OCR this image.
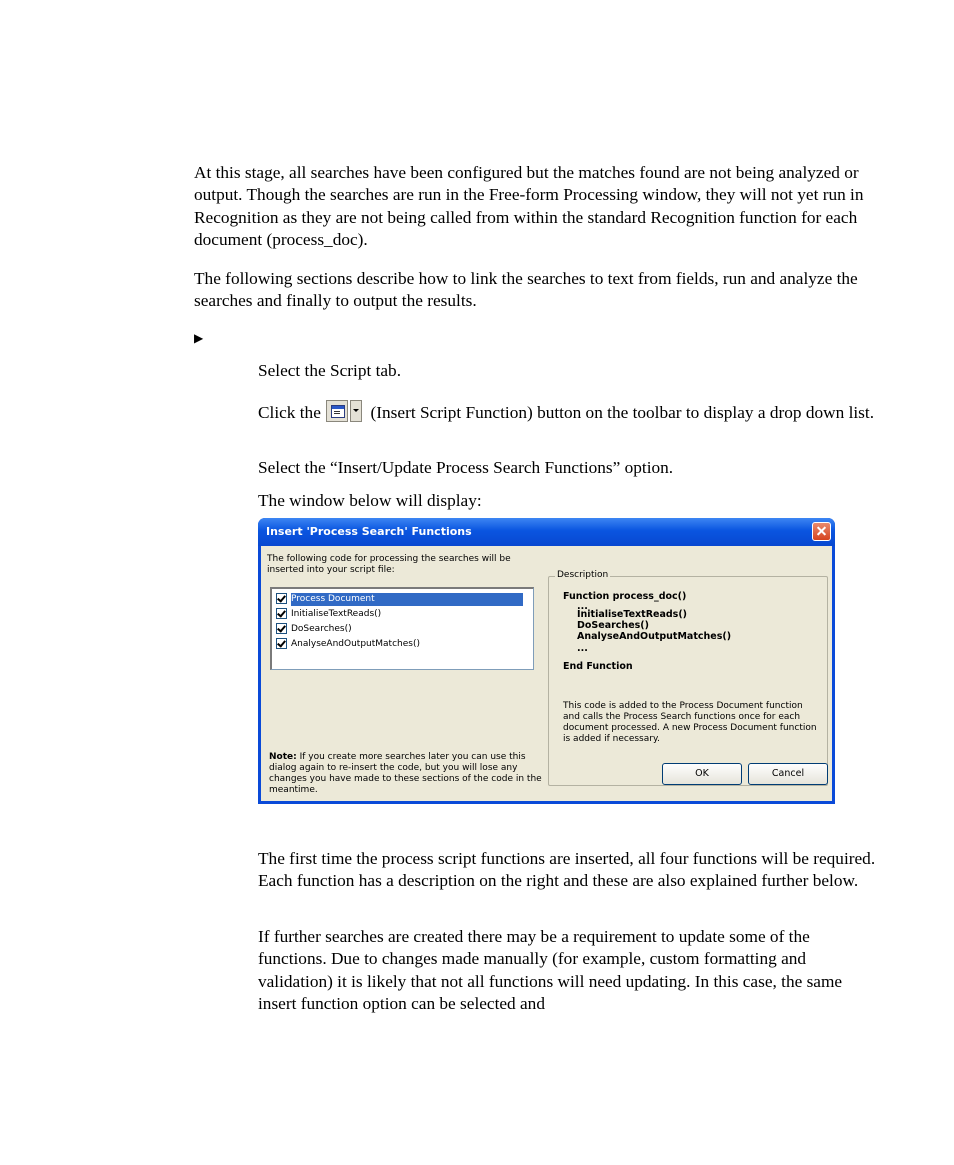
At this stage, all searches have been configured but the matches found are not being analyzed or output. Though the searches are run in the Free-form Processing window, they will not yet run in Recognition as they are not being called from within the standard Recognition function for each document (process_doc).

The following sections describe how to link the searches to text from fields, run and analyze the searches and finally to output the results.

▶

Select the Script tab.

Click the
(Insert Script Function) button on the toolbar to display a drop down list.

Select the “Insert/Update Process Search Functions” option.

The window below will display:

Insert 'Process Search' Functions
The following code for processing the searches will be inserted into your script file:
Process Document
InitialiseTextReads()
DoSearches()
AnalyseAndOutputMatches()
Note: If you create more searches later you can use this dialog again to re-insert the code, but you will lose any changes you have made to these sections of the code in the meantime.
Description
Function process_doc()
...
InitialiseTextReads()
DoSearches()
AnalyseAndOutputMatches()
...
End Function
This code is added to the Process Document function and calls the Process Search functions once for each document processed. A new Process Document function is added if necessary.
OK	Cancel

The first time the process script functions are inserted, all four functions will be required. Each function has a description on the right and these are also explained further below.

If further searches are created there may be a requirement to update some of the functions. Due to changes made manually (for example, custom formatting and validation) it is likely that not all functions will need updating. In this case, the same insert function option can be selected and
